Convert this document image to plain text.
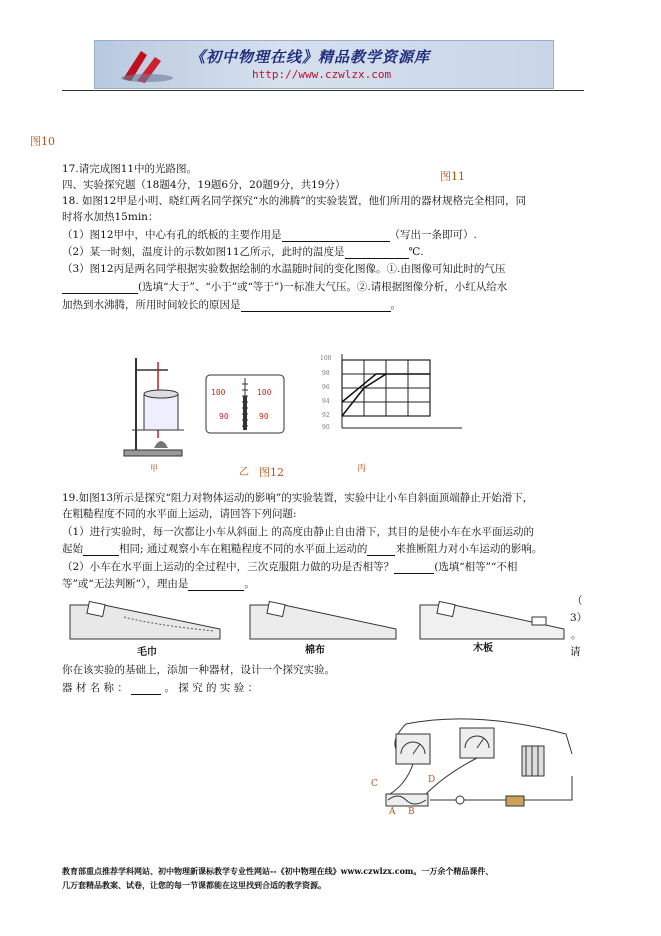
《初中物理在线》精品教学资源库
http://www.czwlzx.com
图10
17.请完成图11中的光路图。
图11
四、实验探究题（18题4分，19题6分，20题9分，共19分）
18. 如图12甲是小明、晓红两名同学探究“水的沸腾”的实验装置，他们所用的器材规格完全相同，同
时将水加热15min：
（1）图12甲中，中心有孔的纸板的主要作用是	（写出一条即可）.
（2）某一时刻，温度计的示数如图11乙所示，此时的温度是	℃.
（3）图12丙是两名同学根据实验数据绘制的水温随时间的变化图像。①.由图像可知此时的气压
(选填“大于”、“小于”或“等于”)一标准大气压。②.请根据图像分析，小红从给水
加热到水沸腾，所用时间较长的原因是	。
100	100
90	90
100
98
96
94
92
90
甲	乙 图12	丙
19.如图13所示是探究“阻力对物体运动的影响”的实验装置，实验中让小车自斜面顶端静止开始滑下，
在粗糙程度不同的水平面上运动，请回答下列问题:
（1）进行实验时，每一次都让小车从斜面上 的高度由静止自由滑下，其目的是使小车在水平面运动的
起始	相同; 通过观察小车在粗糙程度不同的水平面上运动的	来推断阻力对小车运动的影响。
（2）小车在水平面上运动的全过程中，三次克服阻力做的功是否相等？	(选填“相等”“不相
等”或“无法判断”），理由是	。
毛巾	棉布	木板
（
3）
。
请
你在该实验的基础上，添加一种器材，设计一个探究实验。
器 材 名 称 ：	。 探 究 的 实 验 ：
C	D
A B
教育部重点推荐学科网站、初中物理新课标教学专业性网站--《初中物理在线》www.czwlzx.com。一万余个精品课件、
几万套精品教案、试卷，让您的每一节课都能在这里找到合适的教学资源。
